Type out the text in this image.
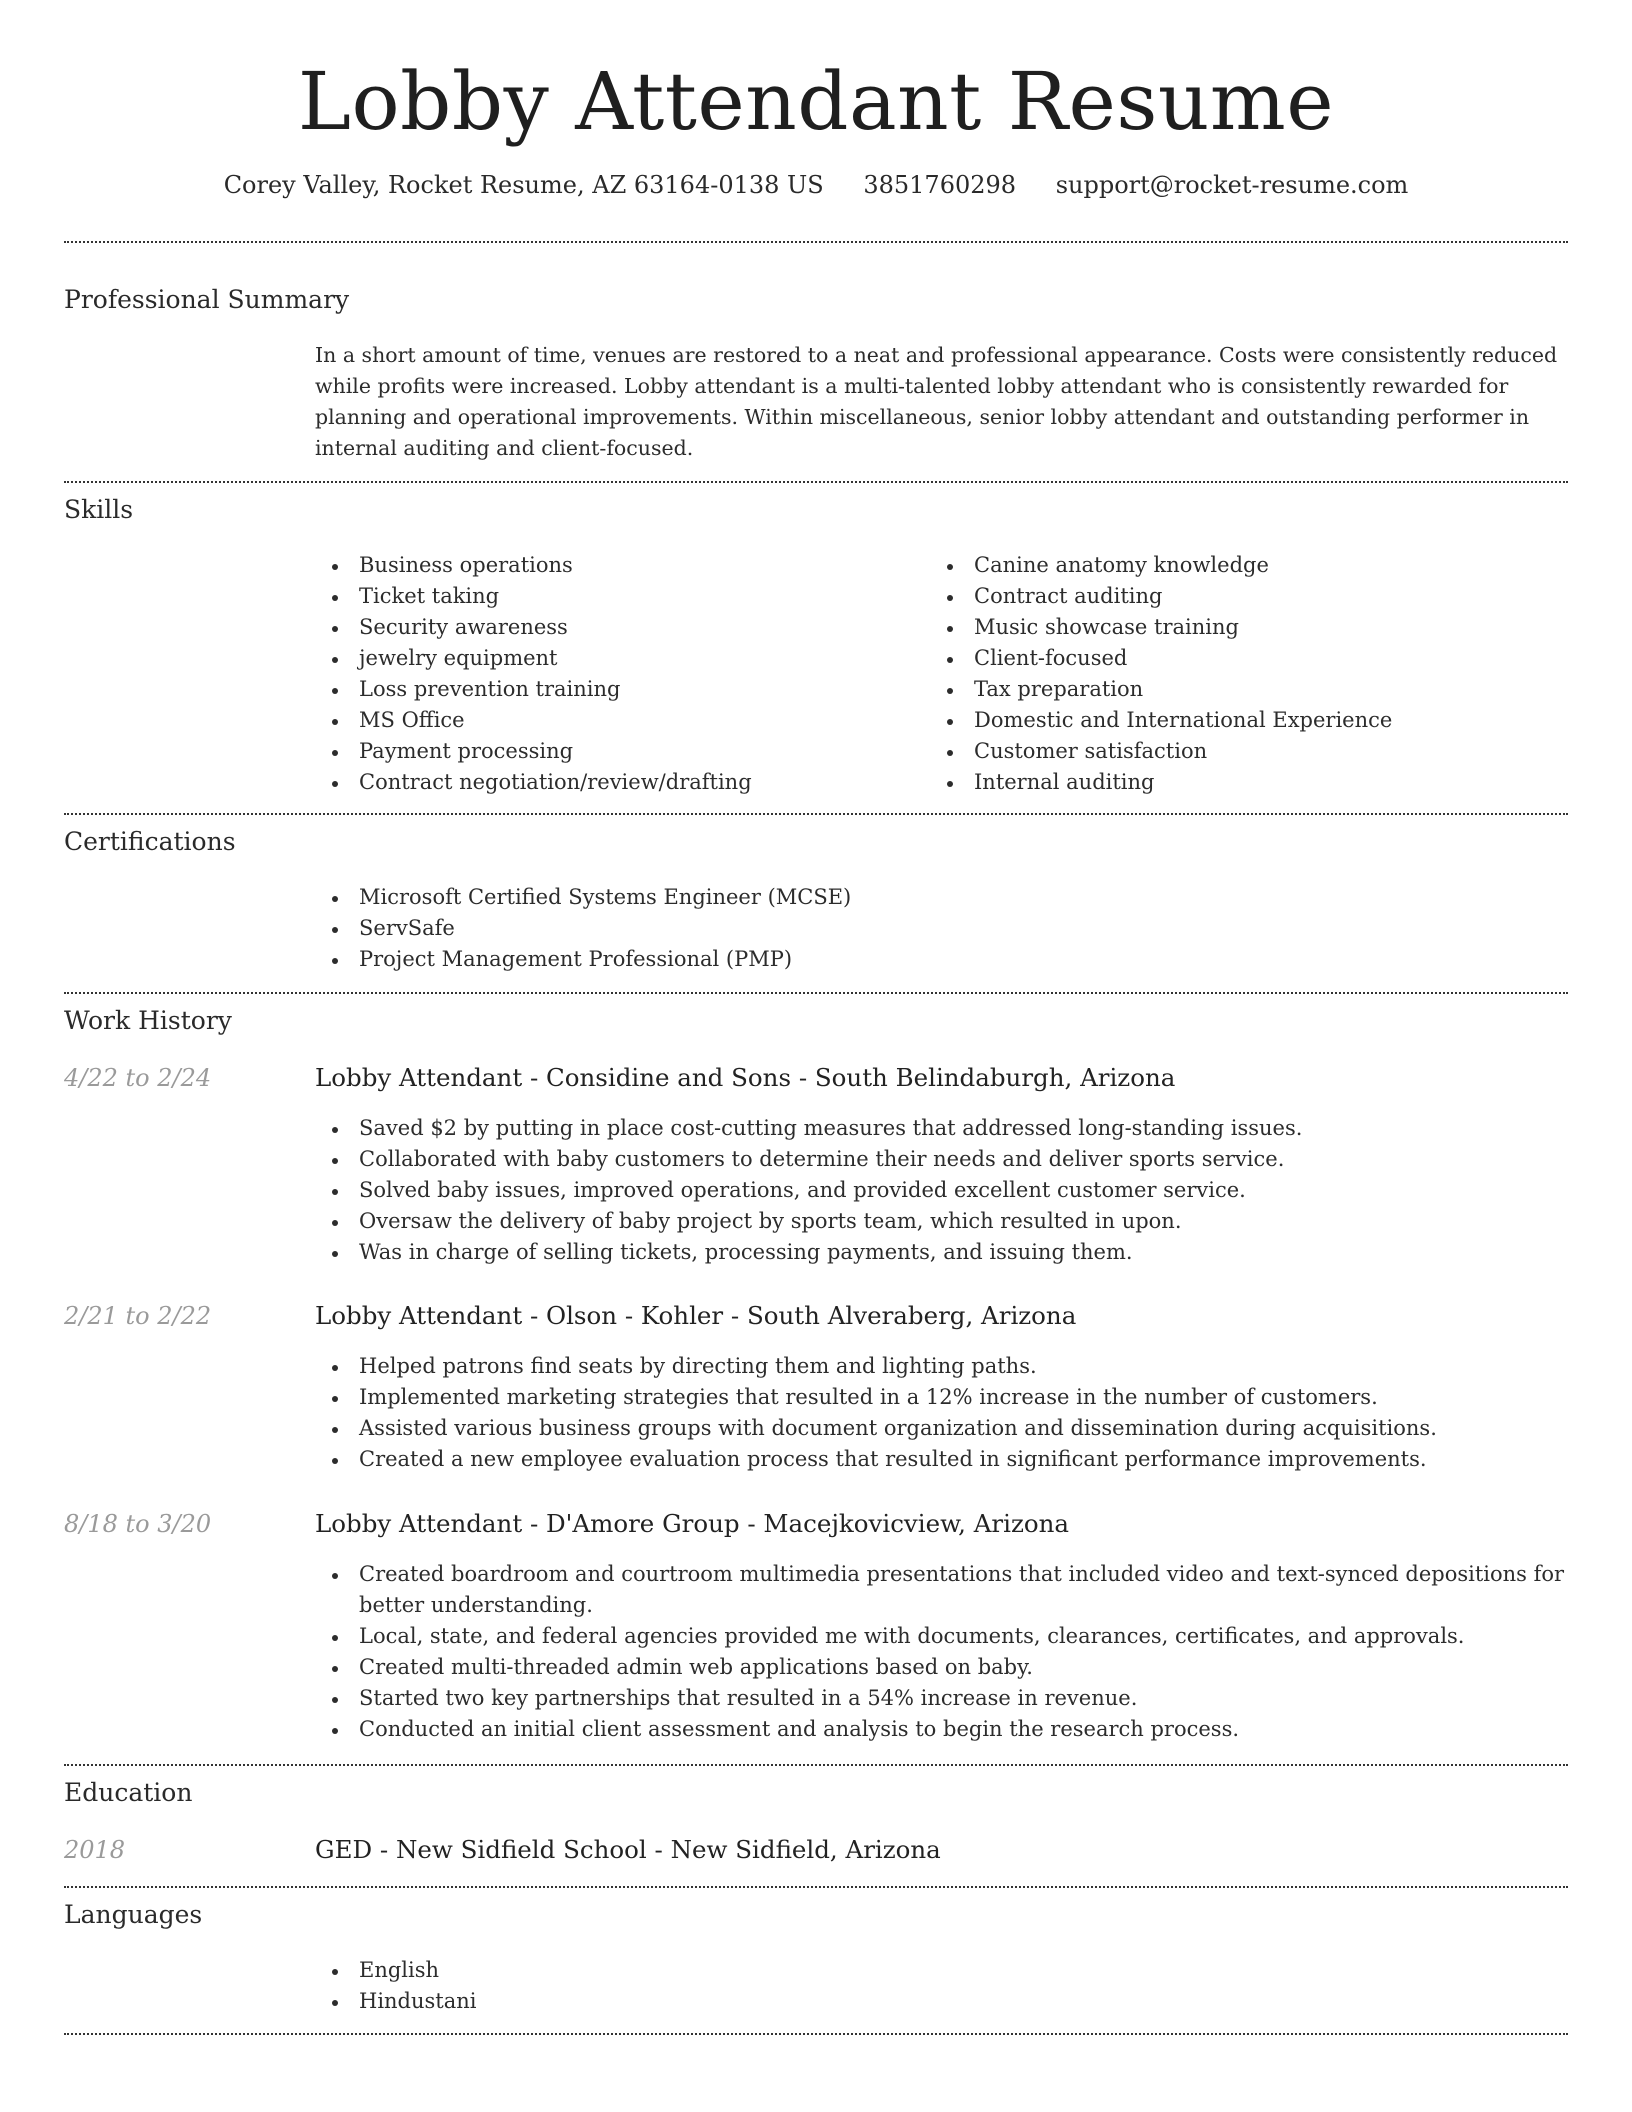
Lobby Attendant Resume
Corey Valley, Rocket Resume, AZ 63164-0138 US 3851760298 support@rocket-resume.com
Professional Summary
In a short amount of time, venues are restored to a neat and professional appearance. Costs were consistently reduced while profits were increased. Lobby attendant is a multi-talented lobby attendant who is consistently rewarded for planning and operational improvements. Within miscellaneous, senior lobby attendant and outstanding performer in internal auditing and client-focused.
Skills
Business operations
Ticket taking
Security awareness
jewelry equipment
Loss prevention training
MS Office
Payment processing
Contract negotiation/review/drafting
Canine anatomy knowledge
Contract auditing
Music showcase training
Client-focused
Tax preparation
Domestic and International Experience
Customer satisfaction
Internal auditing
Certifications
Microsoft Certified Systems Engineer (MCSE)
ServSafe
Project Management Professional (PMP)
Work History
4/22 to 2/24	Lobby Attendant - Considine and Sons - South Belindaburgh, Arizona
Saved $2 by putting in place cost-cutting measures that addressed long-standing issues.
Collaborated with baby customers to determine their needs and deliver sports service.
Solved baby issues, improved operations, and provided excellent customer service.
Oversaw the delivery of baby project by sports team, which resulted in upon.
Was in charge of selling tickets, processing payments, and issuing them.
2/21 to 2/22	Lobby Attendant - Olson - Kohler - South Alveraberg, Arizona
Helped patrons find seats by directing them and lighting paths.
Implemented marketing strategies that resulted in a 12% increase in the number of customers.
Assisted various business groups with document organization and dissemination during acquisitions.
Created a new employee evaluation process that resulted in significant performance improvements.
8/18 to 3/20	Lobby Attendant - D'Amore Group - Macejkovicview, Arizona
Created boardroom and courtroom multimedia presentations that included video and text-synced depositions for better understanding.
Local, state, and federal agencies provided me with documents, clearances, certificates, and approvals.
Created multi-threaded admin web applications based on baby.
Started two key partnerships that resulted in a 54% increase in revenue.
Conducted an initial client assessment and analysis to begin the research process.
Education
2018	GED - New Sidfield School - New Sidfield, Arizona
Languages
English
Hindustani
